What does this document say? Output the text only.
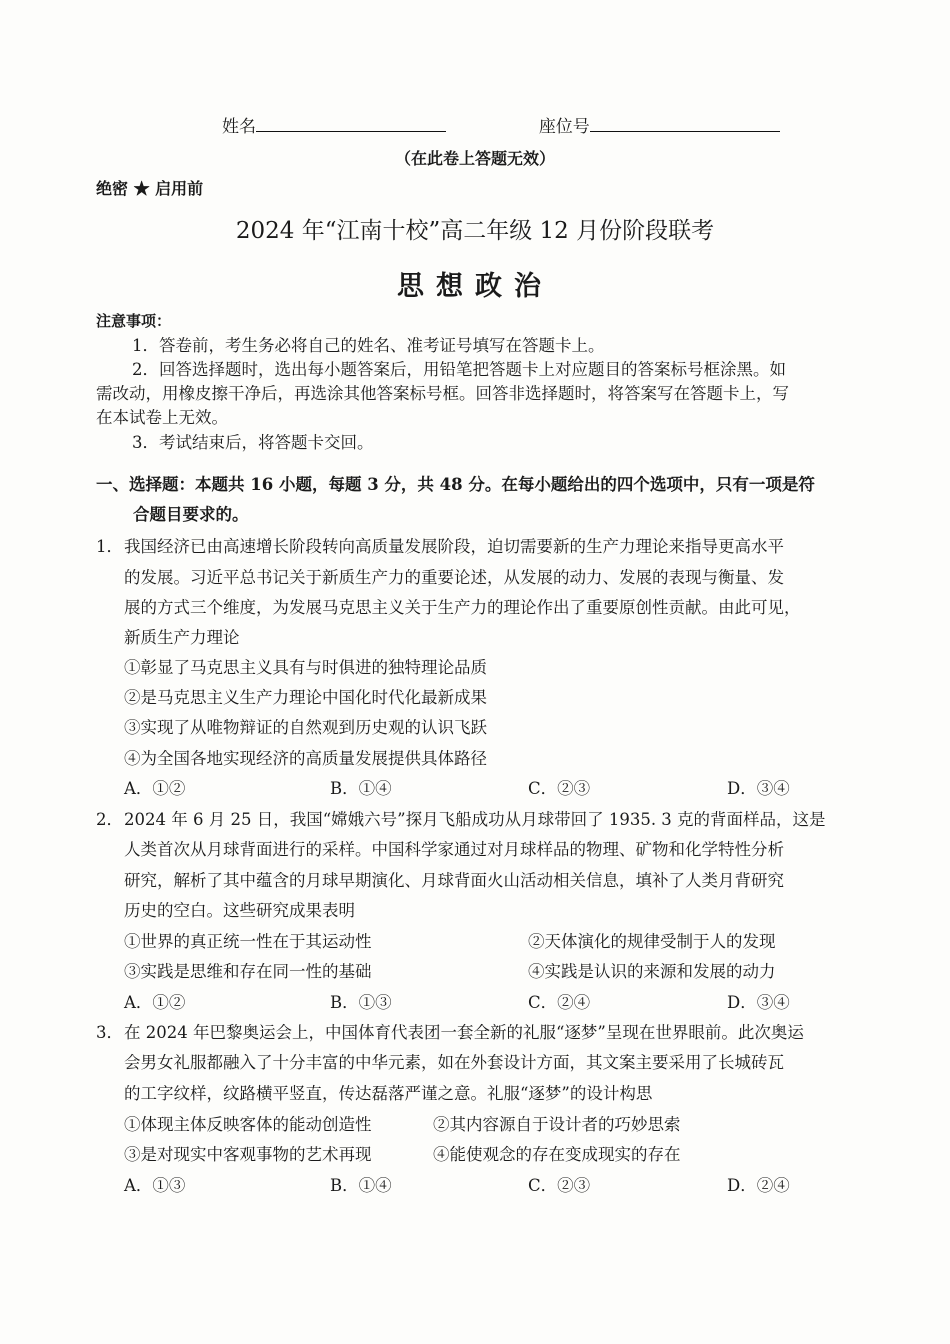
姓名	座位号
（在此卷上答题无效）
绝密 ★ 启用前
2024 年“江南十校”高二年级 12 月份阶段联考
思想政治
注意事项：
1．答卷前，考生务必将自己的姓名、准考证号填写在答题卡上。
2．回答选择题时，选出每小题答案后，用铅笔把答题卡上对应题目的答案标号框涂黑。如
需改动，用橡皮擦干净后，再选涂其他答案标号框。回答非选择题时，将答案写在答题卡上，写
在本试卷上无效。
3．考试结束后，将答题卡交回。
一、选择题：本题共 16 小题，每题 3 分，共 48 分。在每小题给出的四个选项中，只有一项是符
合题目要求的。
1． 我国经济已由高速增长阶段转向高质量发展阶段，迫切需要新的生产力理论来指导更高水平
的发展。习近平总书记关于新质生产力的重要论述，从发展的动力、发展的表现与衡量、发
展的方式三个维度，为发展马克思主义关于生产力的理论作出了重要原创性贡献。由此可见，
新质生产力理论
①彰显了马克思主义具有与时俱进的独特理论品质
②是马克思主义生产力理论中国化时代化最新成果
③实现了从唯物辩证的自然观到历史观的认识飞跃
④为全国各地实现经济的高质量发展提供具体路径
A．①②	B．①④	C．②③	D．③④
2． 2024 年 6 月 25 日，我国“嫦娥六号”探月飞船成功从月球带回了 1935. 3 克的背面样品，这是
人类首次从月球背面进行的采样。中国科学家通过对月球样品的物理、矿物和化学特性分析
研究，解析了其中蕴含的月球早期演化、月球背面火山活动相关信息，填补了人类月背研究
历史的空白。这些研究成果表明
①世界的真正统一性在于其运动性	②天体演化的规律受制于人的发现
③实践是思维和存在同一性的基础	④实践是认识的来源和发展的动力
A．①②	B．①③	C．②④	D．③④
3． 在 2024 年巴黎奥运会上，中国体育代表团一套全新的礼服“逐梦”呈现在世界眼前。此次奥运
会男女礼服都融入了十分丰富的中华元素，如在外套设计方面，其文案主要采用了长城砖瓦
的工字纹样，纹路横平竖直，传达磊落严谨之意。礼服“逐梦”的设计构思
①体现主体反映客体的能动创造性	②其内容源自于设计者的巧妙思索
③是对现实中客观事物的艺术再现	④能使观念的存在变成现实的存在
A．①③	B．①④	C．②③	D．②④
